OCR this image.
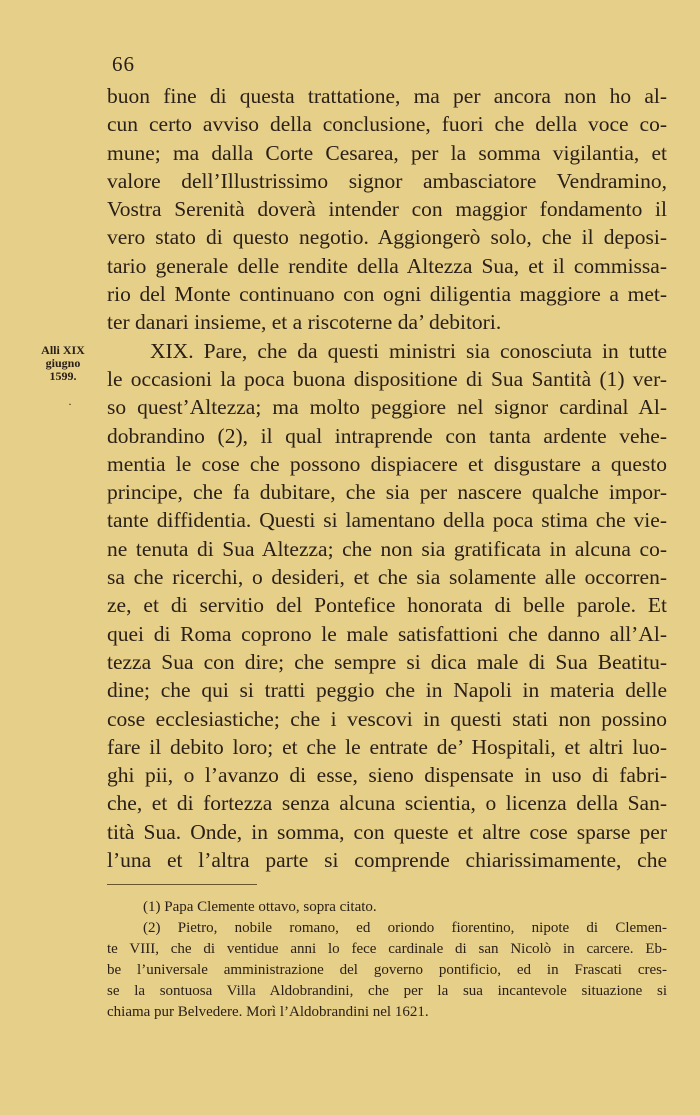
66
Alli XIX
giugno
1599.
·
buon fine di questa trattatione, ma per ancora non ho al-
cun certo avviso della conclusione, fuori che della voce co-
mune; ma dalla Corte Cesarea, per la somma vigilantia, et
valore dell’Illustrissimo signor ambasciatore Vendramino,
Vostra Serenità doverà intender con maggior fondamento il
vero stato di questo negotio. Aggiongerò solo, che il deposi-
tario generale delle rendite della Altezza Sua, et il commissa-
rio del Monte continuano con ogni diligentia maggiore a met-
ter danari insieme, et a riscoterne da’ debitori.
XIX. Pare, che da questi ministri sia conosciuta in tutte
le occasioni la poca buona dispositione di Sua Santità (1) ver-
so quest’Altezza; ma molto peggiore nel signor cardinal Al-
dobrandino (2), il qual intraprende con tanta ardente vehe-
mentia le cose che possono dispiacere et disgustare a questo
principe, che fa dubitare, che sia per nascere qualche impor-
tante diffidentia. Questi si lamentano della poca stima che vie-
ne tenuta di Sua Altezza; che non sia gratificata in alcuna co-
sa che ricerchi, o desideri, et che sia solamente alle occorren-
ze, et di servitio del Pontefice honorata di belle parole. Et
quei di Roma coprono le male satisfattioni che danno all’Al-
tezza Sua con dire; che sempre si dica male di Sua Beatitu-
dine; che qui si tratti peggio che in Napoli in materia delle
cose ecclesiastiche; che i vescovi in questi stati non possino
fare il debito loro; et che le entrate de’ Hospitali, et altri luo-
ghi pii, o l’avanzo di esse, sieno dispensate in uso di fabri-
che, et di fortezza senza alcuna scientia, o licenza della San-
tità Sua. Onde, in somma, con queste et altre cose sparse per
l’una et l’altra parte si comprende chiarissimamente, che
(1) Papa Clemente ottavo, sopra citato.
(2) Pietro, nobile romano, ed oriondo fiorentino, nipote di Clemen-
te VIII, che di ventidue anni lo fece cardinale di san Nicolò in carcere. Eb-
be l’universale amministrazione del governo pontificio, ed in Frascati cres-
se la sontuosa Villa Aldobrandini, che per la sua incantevole situazione si
chiama pur Belvedere. Morì l’Aldobrandini nel 1621.
